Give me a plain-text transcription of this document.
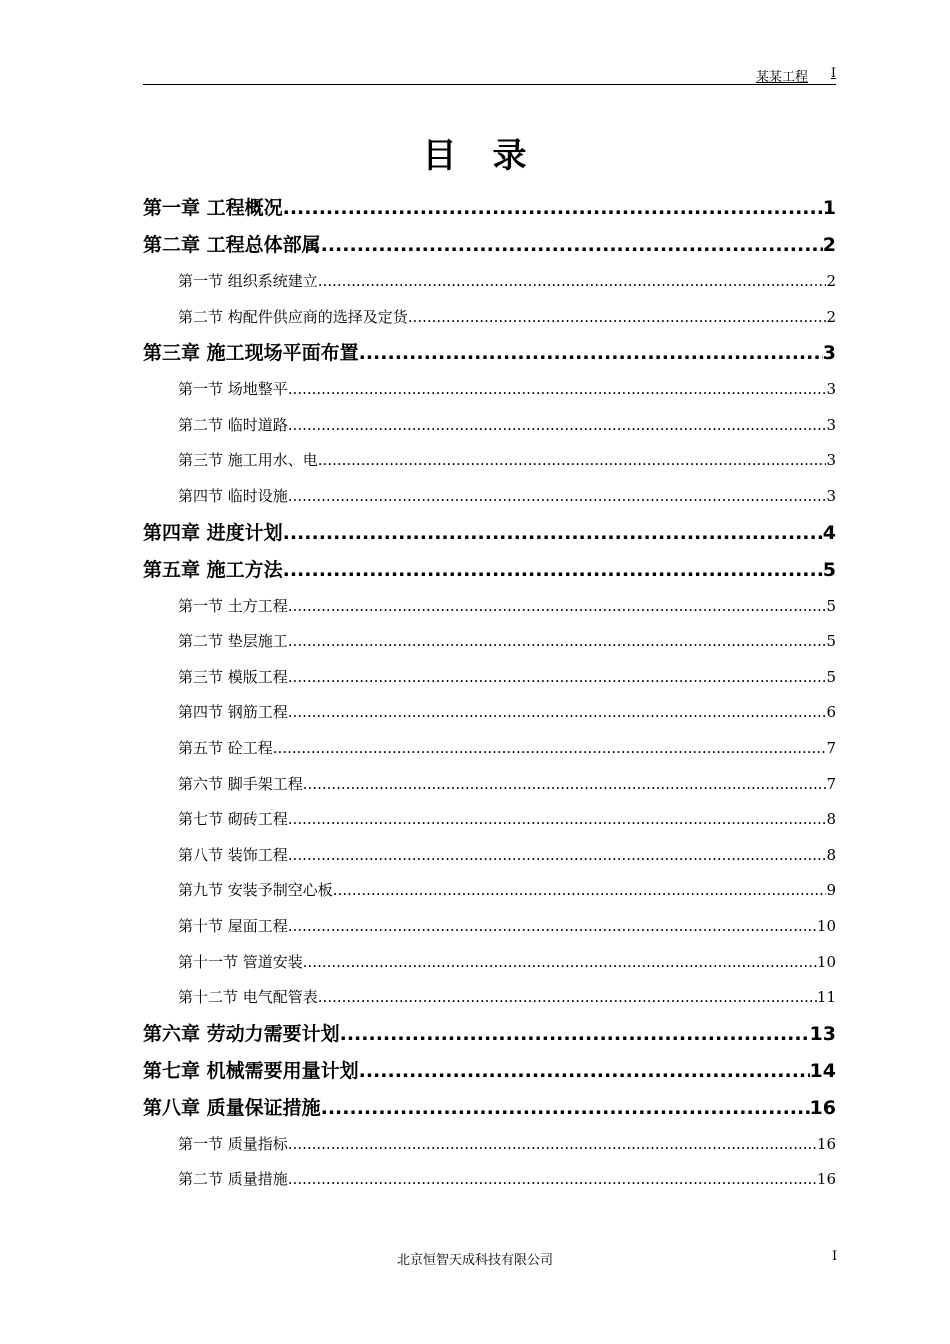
某某工程 I
目录
第一章 工程概况 .....	1
第二章 工程总体部属 .....	2
第一节 组织系统建立 .....	2
第二节 构配件供应商的选择及定货 .....	2
第三章 施工现场平面布置 .....	3
第一节 场地整平 .....	3
第二节 临时道路 .....	3
第三节 施工用水、电 .....	3
第四节 临时设施 .....	3
第四章 进度计划 .....	4
第五章 施工方法 .....	5
第一节 土方工程 .....	5
第二节 垫层施工 .....	5
第三节 模版工程 .....	5
第四节 钢筋工程 .....	6
第五节 砼工程 .....	7
第六节 脚手架工程 .....	7
第七节 砌砖工程 .....	8
第八节 装饰工程 .....	8
第九节 安装予制空心板 .....	9
第十节 屋面工程 .....	10
第十一节 管道安装 .....	10
第十二节 电气配管表 .....	11
第六章 劳动力需要计划 .....	13
第七章 机械需要用量计划 .....	14
第八章 质量保证措施 .....	16
第一节 质量指标 .....	16
第二节 质量措施 .....	16
北京恒智天成科技有限公司	I
